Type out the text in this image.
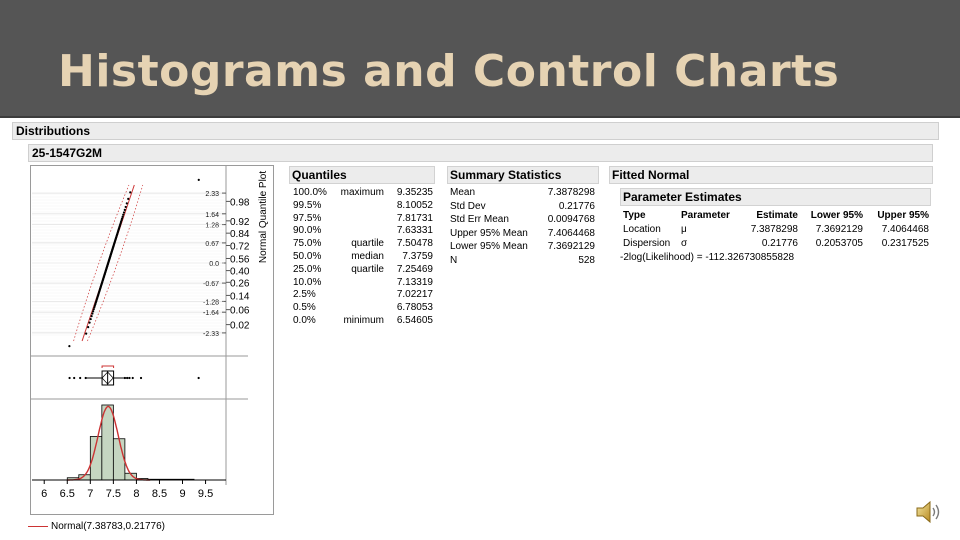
Histograms and Control Charts
Distributions
25-1547G2M
2.33
1.64
1.28
0.67
0.0
-0.67
-1.28
-1.64
-2.33
0.98
0.92
0.84
0.72
0.56
0.40
0.26
0.14
0.06
0.02
Normal Quantile Plot
6 6.5 7 7.5 8 8.5 9 9.5
Normal(7.38783,0.21776)
Quantiles
100.0% maximum 9.35235
99.5%	8.10052
97.5%	7.81731
90.0%	7.63331
75.0%	quartile 7.50478
50.0%	median 7.3759
25.0%	quartile 7.25469
10.0%	7.13319
2.5%	7.02217
0.5%	6.78053
0.0%	minimum 6.54605
Summary Statistics
Mean	7.3878298
Std Dev	0.21776
Std Err Mean	0.0094768
Upper 95% Mean 7.4064468
Lower 95% Mean 7.3692129
N	528
Fitted Normal
Parameter Estimates
Type	Parameter	Estimate Lower 95% Upper 95%
Location μ	7.3878298 7.3692129 7.4064468
Dispersion σ	0.21776 0.2053705 0.2317525
-2log(Likelihood) = -112.326730855828
